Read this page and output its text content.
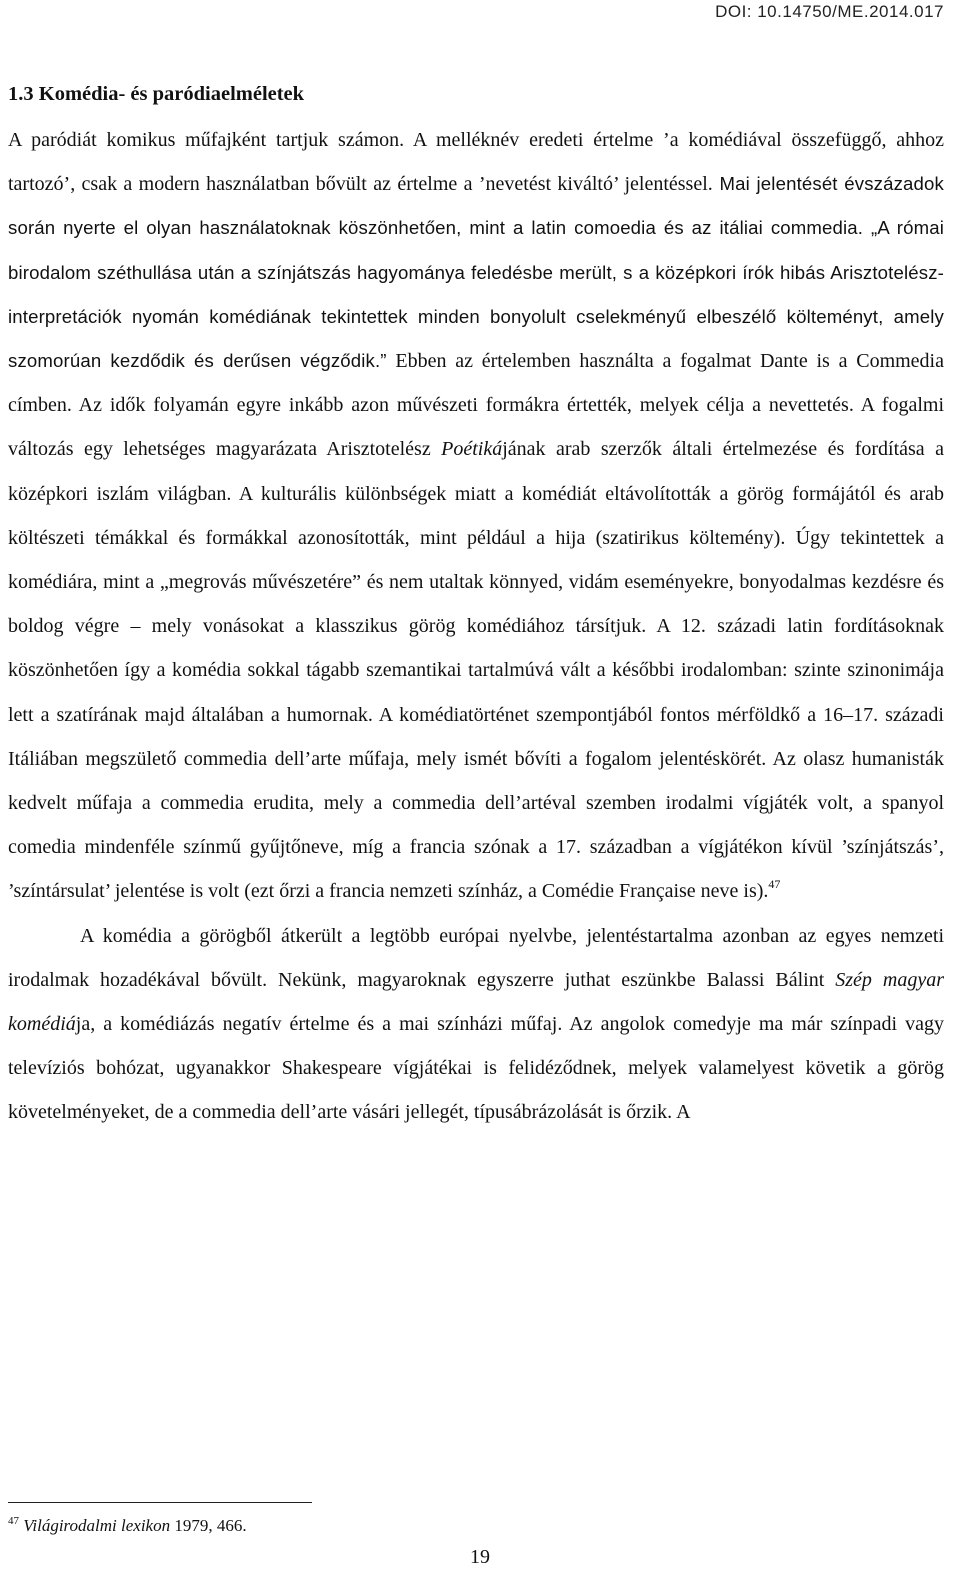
DOI: 10.14750/ME.2014.017
1.3 Komédia- és paródiaelméletek

A paródiát komikus műfajként tartjuk számon. A melléknév eredeti értelme ’a komédiával összefüggő, ahhoz tartozó’, csak a modern használatban bővült az értelme a ’nevetést kiváltó’ jelentéssel. Mai jelentését évszázadok során nyerte el olyan használatoknak köszönhetően, mint a latin comoedia és az itáliai commedia. „A római birodalom széthullása után a színjátszás hagyománya feledésbe merült, s a középkori írók hibás Arisztotelész-interpretációk nyomán komédiának tekintettek minden bonyolult cselekményű elbeszélő költeményt, amely szomorúan kezdődik és derűsen végződik.” Ebben az értelemben használta a fogalmat Dante is a Commedia címben. Az idők folyamán egyre inkább azon művészeti formákra értették, melyek célja a nevettetés. A fogalmi változás egy lehetséges magyarázata Arisztotelész Poétikájának arab szerzők általi értelmezése és fordítása a középkori iszlám világban. A kulturális különbségek miatt a komédiát eltávolították a görög formájától és arab költészeti témákkal és formákkal azonosították, mint például a hija (szatirikus költemény). Úgy tekintettek a komédiára, mint a „megrovás művészetére” és nem utaltak könnyed, vidám eseményekre, bonyodalmas kezdésre és boldog végre – mely vonásokat a klasszikus görög komédiához társítjuk. A 12. századi latin fordításoknak köszönhetően így a komédia sokkal tágabb szemantikai tartalmúvá vált a későbbi irodalomban: szinte szinonimája lett a szatírának majd általában a humornak. A komédiatörténet szempontjából fontos mérföldkő a 16–17. századi Itáliában megszülető commedia dell’arte műfaja, mely ismét bővíti a fogalom jelentéskörét. Az olasz humanisták kedvelt műfaja a commedia erudita, mely a commedia dell’artéval szemben irodalmi vígjáték volt, a spanyol comedia mindenféle színmű gyűjtőneve, míg a francia szónak a 17. században a vígjátékon kívül ’színjátszás’, ’színtársulat’ jelentése is volt (ezt őrzi a francia nemzeti színház, a Comédie Française neve is).$^{47}$

A komédia a görögből átkerült a legtöbb európai nyelvbe, jelentéstartalma azonban az egyes nemzeti irodalmak hozadékával bővült. Nekünk, magyaroknak egyszerre juthat eszünkbe Balassi Bálint Szép magyar komédiája, a komédiázás negatív értelme és a mai színházi műfaj. Az angolok comedyje ma már színpadi vagy televíziós bohózat, ugyanakkor Shakespeare vígjátékai is felidéződnek, melyek valamelyest követik a görög követelményeket, de a commedia dell’arte vásári jellegét, típusábrázolását is őrzik. A

$^{47}$ Világirodalmi lexikon 1979, 466.
19
